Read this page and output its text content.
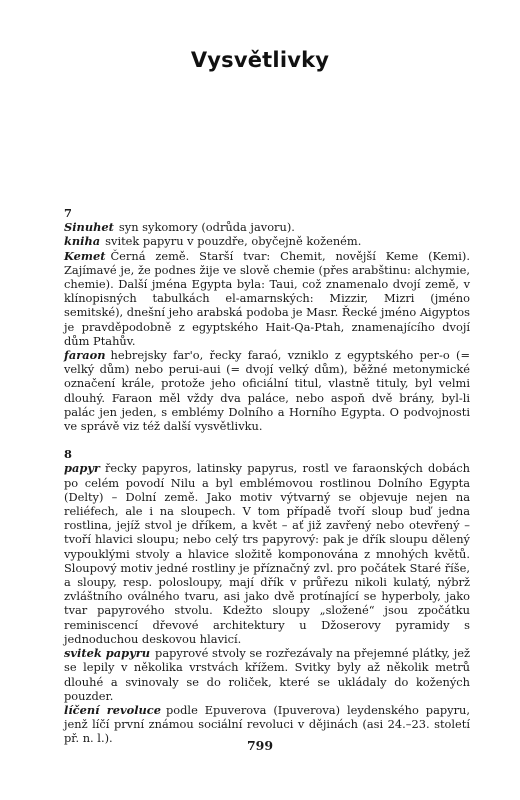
Vysvětlivky

7

Sinuhet syn sykomory (odrůda javoru).

kniha svitek papyru v pouzdře, obyčejně koženém.

Kemet Černá země. Starší tvar: Chemit, novější Keme (Kemi). Zajímavé je, že podnes žije ve slově chemie (přes arabštinu: alchymie, chemie). Další jména Egypta byla: Taui, což znamenalo dvojí země, v klínopisných tabulkách el-amarnských: Mizzir, Mizri (jméno semitské), dnešní jeho arabská podoba je Masr. Řecké jméno Aigyptos je pravděpodobně z egyptského Hait-Qa-Ptah, znamenajícího dvojí dům Ptahův.

faraon hebrejsky far'o, řecky faraó, vzniklo z egyptského per-o (= velký dům) nebo perui-aui (= dvojí velký dům), běžné metonymické označení krále, protože jeho oficiální titul, vlastně tituly, byl velmi dlouhý. Faraon měl vždy dva paláce, nebo aspoň dvě brány, byl-li palác jen jeden, s emblémy Dolního a Horního Egypta. O podvojnosti ve správě viz též další vysvětlivku.

8

papyr řecky papyros, latinsky papyrus, rostl ve faraonských dobách po celém povodí Nilu a byl emblémovou rostlinou Dolního Egypta (Delty) – Dolní země. Jako motiv výtvarný se objevuje nejen na reliéfech, ale i na sloupech. V tom případě tvoří sloup buď jedna rostlina, jejíž stvol je dříkem, a květ – ať již zavřený nebo otevřený – tvoří hlavici sloupu; nebo celý trs papyrový: pak je dřík sloupu dělený vypouklými stvoly a hlavice složitě komponována z mnohých květů. Sloupový motiv jedné rostliny je příznačný zvl. pro počátek Staré říše, a sloupy, resp. polosloupy, mají dřík v průřezu nikoli kulatý, nýbrž zvláštního oválného tvaru, asi jako dvě protínající se hyperboly, jako tvar papyrového stvolu. Kdežto sloupy „složené“ jsou zpočátku reminiscencí dřevové architektury u Džoserovy pyramidy s jednoduchou deskovou hlavicí.

svitek papyru papyrové stvoly se rozřezávaly na přejemné plátky, jež se lepily v několika vrstvách křížem. Svitky byly až několik metrů dlouhé a svinovaly se do roliček, které se ukládaly do kožených pouzder.

líčení revoluce podle Epuverova (Ipuverova) leydenského papyru, jenž líčí první známou sociální revoluci v dějinách (asi 24.–23. století př. n. l.).	799
